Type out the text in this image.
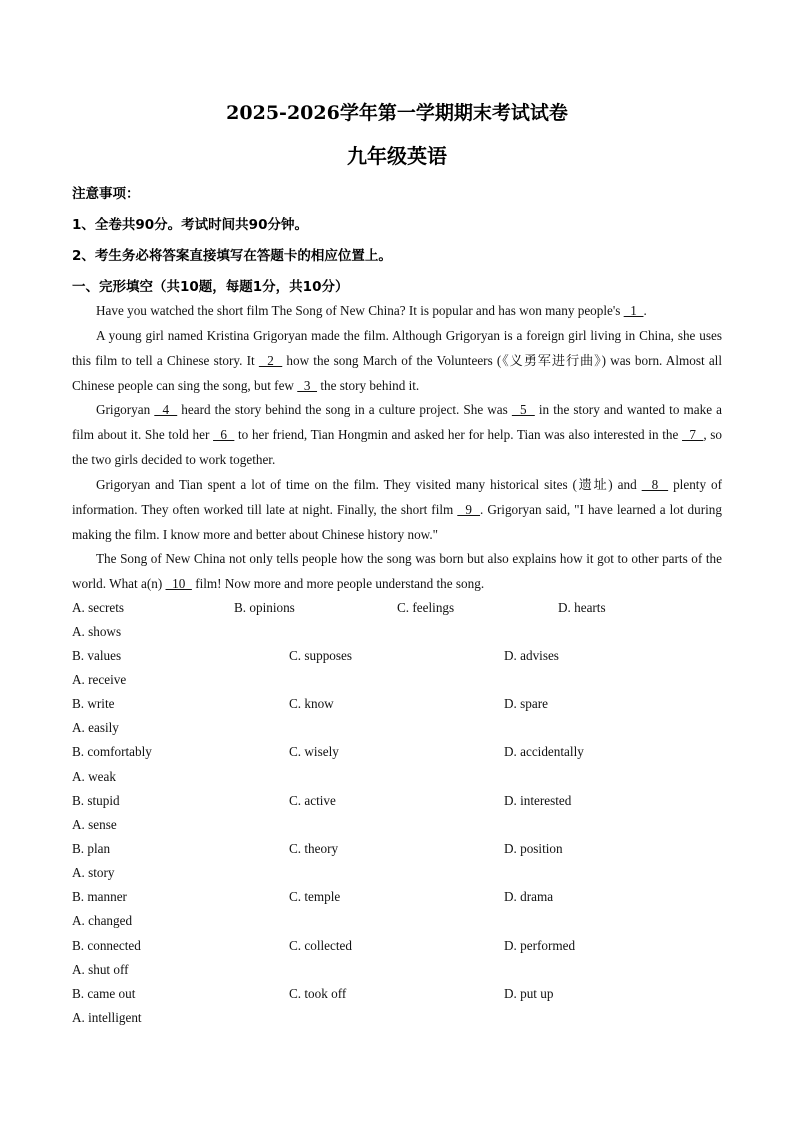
2025-2026学年第一学期期末考试试卷
九年级英语
注意事项：
1、全卷共90分。考试时间共90分钟。
2、考生务必将答案直接填写在答题卡的相应位置上。
一、完形填空（共10题，每题1分，共10分）
Have you watched the short film The Song of New China? It is popular and has won many people's   1  .
A young girl named Kristina Grigoryan made the film. Although Grigoryan is a foreign girl living in China, she uses this film to tell a Chinese story. It   2   how the song March of the Volunteers (《义勇军进行曲》) was born. Almost all Chinese people can sing the song, but few   3   the story behind it.
Grigoryan   4   heard the story behind the song in a culture project. She was   5   in the story and wanted to make a film about it. She told her   6   to her friend, Tian Hongmin and asked her for help. Tian was also interested in the   7  , so the two girls decided to work together.
Grigoryan and Tian spent a lot of time on the film. They visited many historical sites (遗址) and   8   plenty of information. They often worked till late at night. Finally, the short film   9  . Grigoryan said, "I have learned a lot during making the film. I know more and better about Chinese history now."
The Song of New China not only tells people how the song was born but also explains how it got to other parts of the world. What a(n)   10   film! Now more and more people understand the song.
A. secrets	B. opinions	C. feelings	D. hearts
A. shows
B. values	C. supposes	D. advises
A. receive
B. write	C. know	D. spare
A. easily
B. comfortably	C. wisely	D. accidentally
A. weak
B. stupid	C. active	D. interested
A. sense
B. plan	C. theory	D. position
A. story
B. manner	C. temple	D. drama
A. changed
B. connected	C. collected	D. performed
A. shut off
B. came out	C. took off	D. put up
A. intelligent
